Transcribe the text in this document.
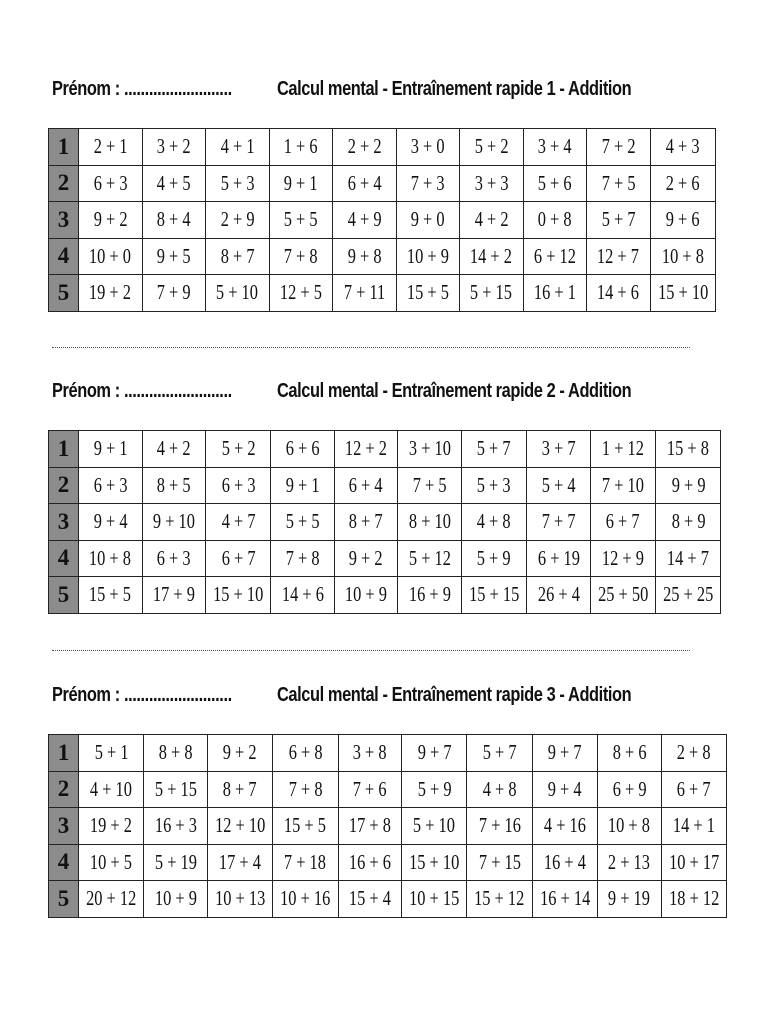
Prénom : .......................... Calcul mental - Entraînement rapide 1 - Addition
1	2 + 1	3 + 2	4 + 1	1 + 6	2 + 2	3 + 0	5 + 2	3 + 4	7 + 2	4 + 3
2	6 + 3	4 + 5	5 + 3	9 + 1	6 + 4	7 + 3	3 + 3	5 + 6	7 + 5	2 + 6
3	9 + 2	8 + 4	2 + 9	5 + 5	4 + 9	9 + 0	4 + 2	0 + 8	5 + 7	9 + 6
4	10 + 0	9 + 5	8 + 7	7 + 8	9 + 8	10 + 9	14 + 2	6 + 12	12 + 7	10 + 8
5	19 + 2	7 + 9	5 + 10	12 + 5	7 + 11	15 + 5	5 + 15	16 + 1	14 + 6	15 + 10
Prénom : .......................... Calcul mental - Entraînement rapide 2 - Addition
1	9 + 1	4 + 2	5 + 2	6 + 6	12 + 2	3 + 10	5 + 7	3 + 7	1 + 12	15 + 8
2	6 + 3	8 + 5	6 + 3	9 + 1	6 + 4	7 + 5	5 + 3	5 + 4	7 + 10	9 + 9
3	9 + 4	9 + 10	4 + 7	5 + 5	8 + 7	8 + 10	4 + 8	7 + 7	6 + 7	8 + 9
4	10 + 8	6 + 3	6 + 7	7 + 8	9 + 2	5 + 12	5 + 9	6 + 19	12 + 9	14 + 7
5	15 + 5	17 + 9	15 + 10	14 + 6	10 + 9	16 + 9	15 + 15	26 + 4	25 + 50	25 + 25
Prénom : .......................... Calcul mental - Entraînement rapide 3 - Addition
1	5 + 1	8 + 8	9 + 2	6 + 8	3 + 8	9 + 7	5 + 7	9 + 7	8 + 6	2 + 8
2	4 + 10	5 + 15	8 + 7	7 + 8	7 + 6	5 + 9	4 + 8	9 + 4	6 + 9	6 + 7
3	19 + 2	16 + 3	12 + 10	15 + 5	17 + 8	5 + 10	7 + 16	4 + 16	10 + 8	14 + 1
4	10 + 5	5 + 19	17 + 4	7 + 18	16 + 6	15 + 10	7 + 15	16 + 4	2 + 13	10 + 17
5	20 + 12	10 + 9	10 + 13	10 + 16	15 + 4	10 + 15	15 + 12	16 + 14	9 + 19	18 + 12
